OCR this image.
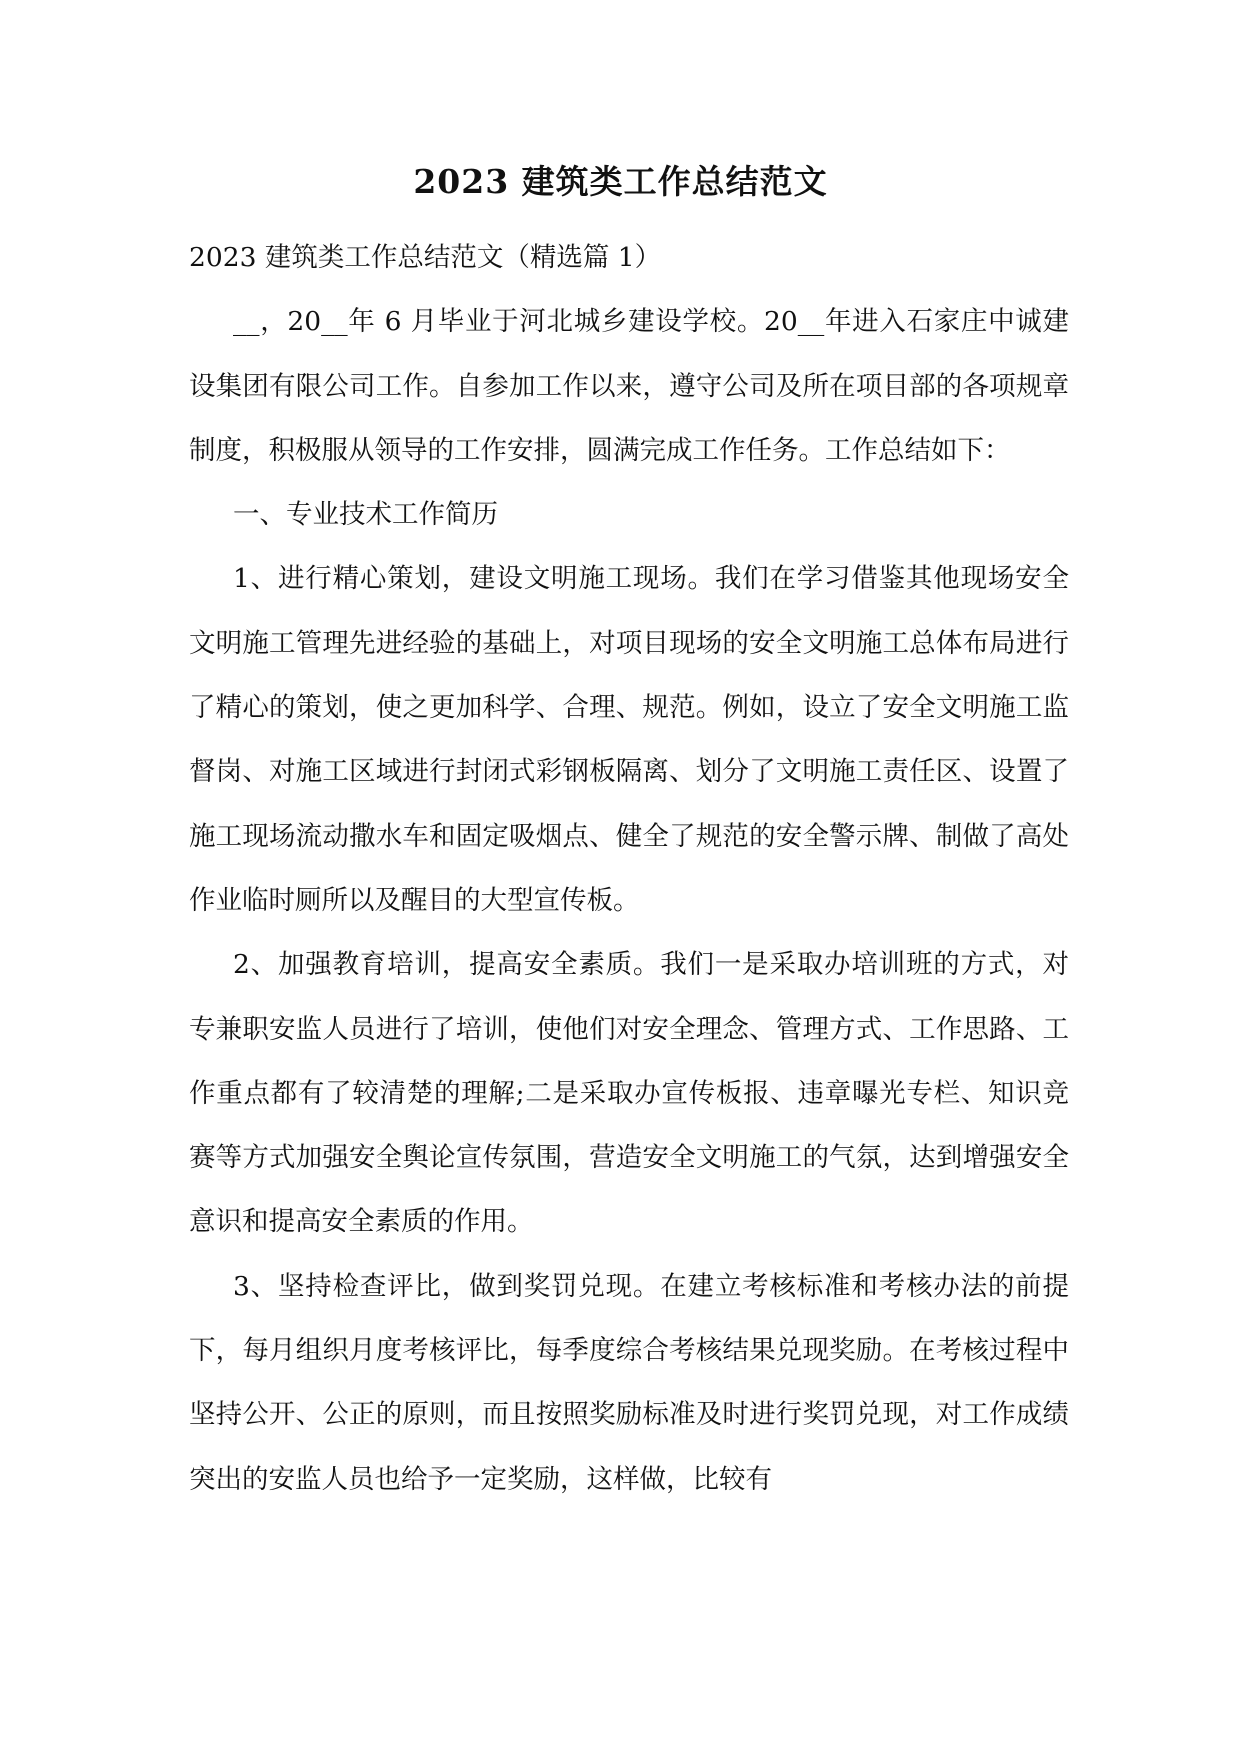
2023 建筑类工作总结范文

2023 建筑类工作总结范文（精选篇 1）

__，20__年 6 月毕业于河北城乡建设学校。20__年进入石家庄中诚建设集团有限公司工作。自参加工作以来，遵守公司及所在项目部的各项规章制度，积极服从领导的工作安排，圆满完成工作任务。工作总结如下：

一、专业技术工作简历

1、进行精心策划，建设文明施工现场。我们在学习借鉴其他现场安全文明施工管理先进经验的基础上，对项目现场的安全文明施工总体布局进行了精心的策划，使之更加科学、合理、规范。例如，设立了安全文明施工监督岗、对施工区域进行封闭式彩钢板隔离、划分了文明施工责任区、设置了施工现场流动撒水车和固定吸烟点、健全了规范的安全警示牌、制做了高处作业临时厕所以及醒目的大型宣传板。

2、加强教育培训，提高安全素质。我们一是采取办培训班的方式，对专兼职安监人员进行了培训，使他们对安全理念、管理方式、工作思路、工作重点都有了较清楚的理解;二是采取办宣传板报、违章曝光专栏、知识竞赛等方式加强安全舆论宣传氛围，营造安全文明施工的气氛，达到增强安全意识和提高安全素质的作用。

3、坚持检查评比，做到奖罚兑现。在建立考核标准和考核办法的前提下，每月组织月度考核评比，每季度综合考核结果兑现奖励。在考核过程中坚持公开、公正的原则，而且按照奖励标准及时进行奖罚兑现，对工作成绩突出的安监人员也给予一定奖励，这样做，比较有
